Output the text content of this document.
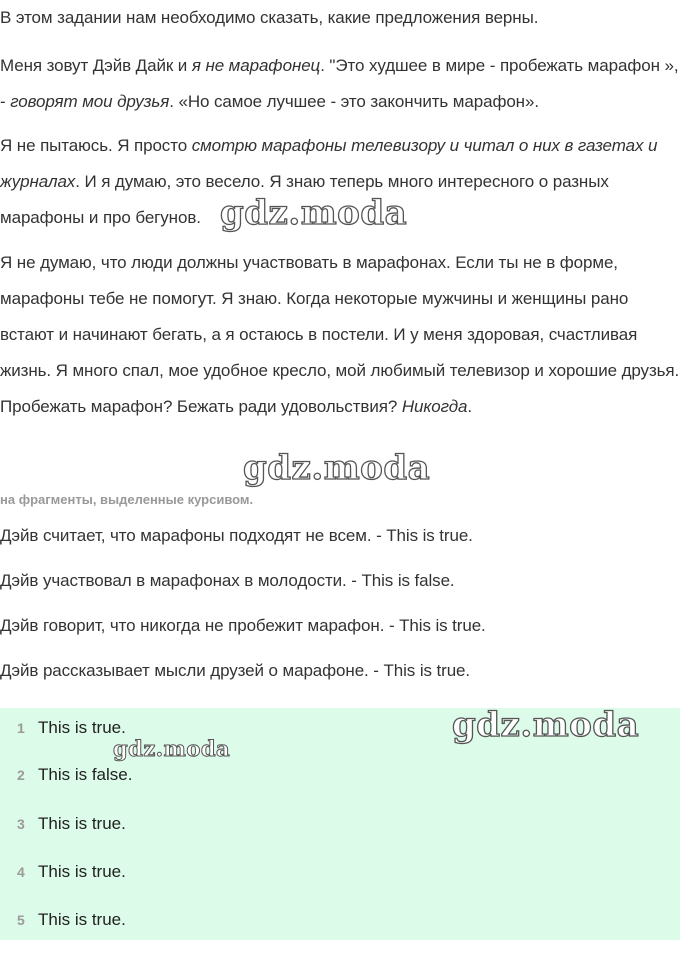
В этом задании нам необходимо сказать, какие предложения верны.

Меня зовут Дэйв Дайк и я не марафонец. "Это худшее в мире - пробежать марафон », - говорят мои друзья. «Но самое лучшее - это закончить марафон».

Я не пытаюсь. Я просто смотрю марафоны телевизору и читал о них в газетах и журналах. И я думаю, это весело. Я знаю теперь много интересного о разных марафоны и про бегунов.

Я не думаю, что люди должны участвовать в марафонах. Если ты не в форме, марафоны тебе не помогут. Я знаю. Когда некоторые мужчины и женщины рано встают и начинают бегать, а я остаюсь в постели. И у меня здоровая, счастливая жизнь. Я много спал, мое удобное кресло, мой любимый телевизор и хорошие друзья. Пробежать марафон? Бежать ради удовольствия? Никогда.

на фрагменты, выделенные курсивом.

Дэйв считает, что марафоны подходят не всем. - This is true.

Дэйв участвовал в марафонах в молодости. - This is false.

Дэйв говорит, что никогда не пробежит марафон. - This is true.

Дэйв рассказывает мысли друзей о марафоне. - This is true.

1 This is true.
2 This is false.
3 This is true.
4 This is true.
5 This is true.
gdz.moda
gdz.moda
gdz.moda
gdz.moda
